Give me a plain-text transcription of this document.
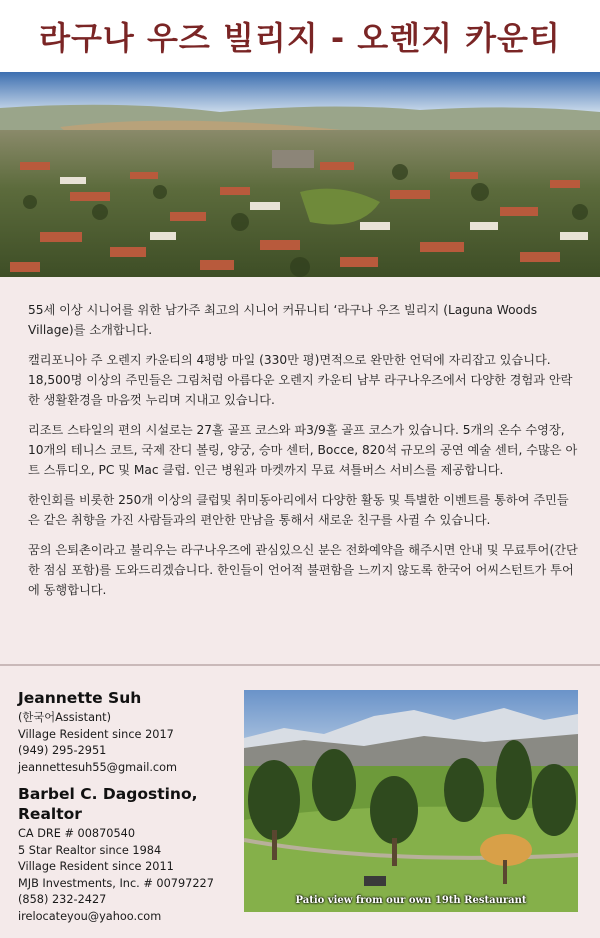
라구나 우즈 빌리지 - 오렌지 카운티

55세 이상 시니어를 위한 남가주 최고의 시니어 커뮤니티 ‘라구나 우즈 빌리지 (Laguna Woods Village)를 소개합니다.

캘리포니아 주 오렌지 카운티의 4평방 마일 (330만 평)면적으로 완만한 언덕에 자리잡고 있습니다. 18,500명 이상의 주민들은 그림처럼 아름다운 오렌지 카운티 남부 라구나우즈에서 다양한 경험과 안락한 생활환경을 마음껏 누리며 지내고 있습니다.

리조트 스타일의 편의 시설로는 27홀 골프 코스와 파3/9홀 골프 코스가 있습니다. 5개의 온수 수영장, 10개의 테니스 코트, 국제 잔디 볼링, 양궁, 승마 센터, Bocce, 820석 규모의 공연 예술 센터, 수많은 아트 스튜디오, PC 및 Mac 클럽. 인근 병원과 마켓까지 무료 셔틀버스 서비스를 제공합니다.

한인회를 비롯한 250개 이상의 클럽및 취미동아리에서 다양한 활동 및 특별한 이벤트를 통하여 주민들은 같은 취향을 가진 사람들과의 편안한 만남을 통해서 새로운 친구를 사귈 수 있습니다.

꿈의 은퇴촌이라고 불리우는 라구나우즈에 관심있으신 분은 전화예약을 해주시면 안내 및 무료투어(간단한 점심 포함)를 도와드리겠습니다. 한인들이 언어적 불편함을 느끼지 않도록 한국어 어씨스턴트가 투어에 동행합니다.

Jeannette Suh
(한국어Assistant)
Village Resident since 2017
(949) 295-2951
jeannettesuh55@gmail.com
Barbel C. Dagostino, Realtor
CA DRE # 00870540
5 Star Realtor since 1984
Village Resident since 2011
MJB Investments, Inc. # 00797227
(858) 232-2427
irelocateyou@yahoo.com
Patio view from our own 19th Restaurant
